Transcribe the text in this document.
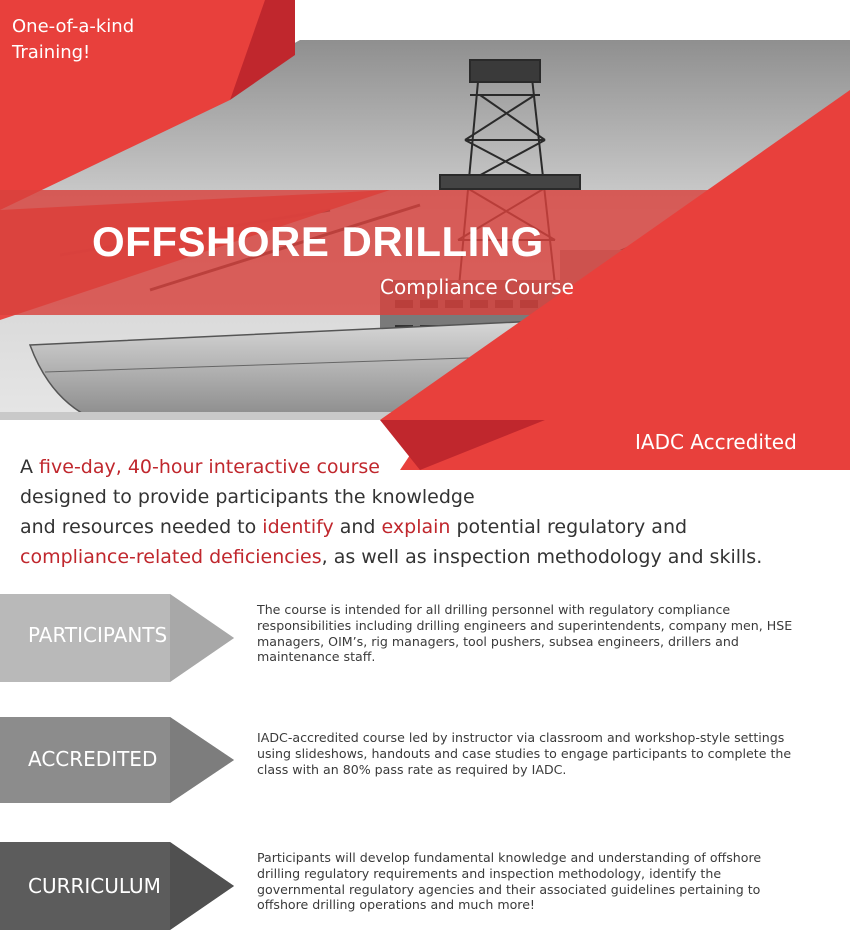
One-of-a-kind
Training!
OFFSHORE DRILLING
Compliance Course
IADC Accredited
A five-day, 40-hour interactive course
designed to provide participants the knowledge
and resources needed to identify and explain potential regulatory and
compliance-related deficiencies, as well as inspection methodology and skills.
PARTICIPANTS
The course is intended for all drilling personnel with regulatory compliance responsibilities including drilling engineers and superintendents, company men, HSE managers, OIM’s, rig managers, tool pushers, subsea engineers, drillers and maintenance staff.
ACCREDITED
IADC-accredited course led by instructor via classroom and workshop-style settings using slideshows, handouts and case studies to engage participants to complete the class with an 80% pass rate as required by IADC.
CURRICULUM
Participants will develop fundamental knowledge and understanding of offshore drilling regulatory requirements and inspection methodology, identify the governmental regulatory agencies and their associated guidelines pertaining to offshore drilling operations and much more!
